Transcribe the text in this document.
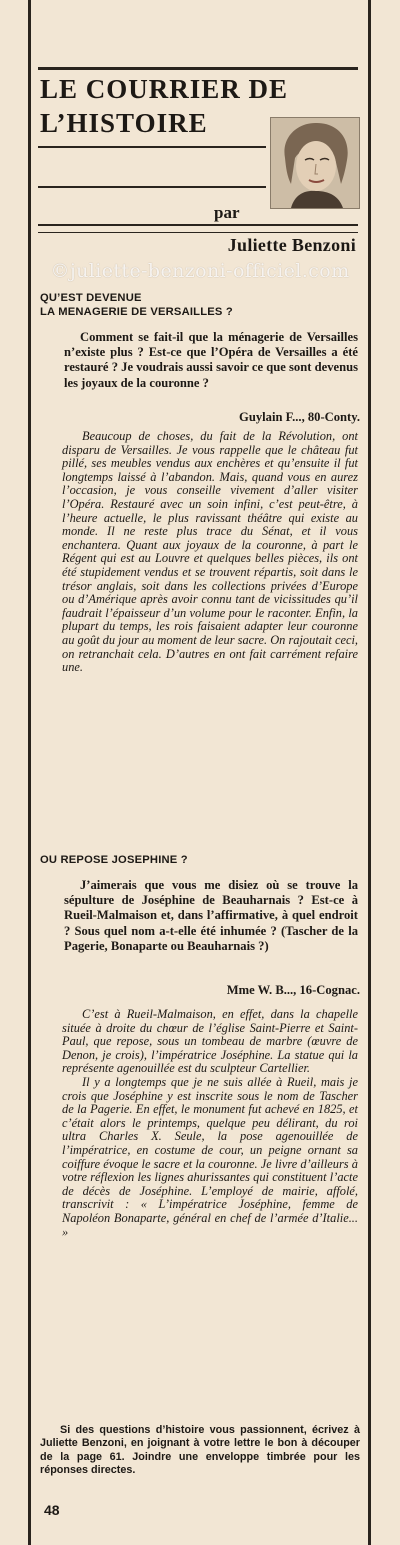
LE COURRIER DE
L’HISTOIRE
par
Juliette Benzoni
©juliette-benzoni-officiel.com
QU’EST DEVENUE
LA MENAGERIE DE VERSAILLES ?
Comment se fait-il que la ménagerie de Versailles n’existe plus ? Est-ce que l’Opéra de Versailles a été restauré ? Je voudrais aussi savoir ce que sont devenus les joyaux de la couronne ?
Guylain F..., 80-Conty.

Beaucoup de choses, du fait de la Révolution, ont disparu de Versailles. Je vous rappelle que le château fut pillé, ses meubles vendus aux enchères et qu’ensuite il fut longtemps laissé à l’abandon. Mais, quand vous en aurez l’occasion, je vous conseille vivement d’aller visiter l’Opéra. Restauré avec un soin infini, c’est peut-être, à l’heure actuelle, le plus ravissant théâtre qui existe au monde. Il ne reste plus trace du Sénat, et il vous enchantera. Quant aux joyaux de la couronne, à part le Régent qui est au Louvre et quelques belles pièces, ils ont été stupidement vendus et se trouvent répartis, soit dans le trésor anglais, soit dans les collections privées d’Europe ou d’Amérique après avoir connu tant de vicissitudes qu’il faudrait l’épaisseur d’un volume pour le raconter. Enfin, la plupart du temps, les rois faisaient adapter leur couronne au goût du jour au moment de leur sacre. On rajoutait ceci, on retranchait cela. D’autres en ont fait carrément refaire une.

OU REPOSE JOSEPHINE ?
J’aimerais que vous me disiez où se trouve la sépulture de Joséphine de Beauharnais ? Est-ce à Rueil-Malmaison et, dans l’affirmative, à quel endroit ? Sous quel nom a-t-elle été inhumée ? (Tascher de la Pagerie, Bonaparte ou Beauharnais ?)
Mme W. B..., 16-Cognac.

C’est à Rueil-Malmaison, en effet, dans la chapelle située à droite du chœur de l’église Saint-Pierre et Saint-Paul, que repose, sous un tombeau de marbre (œuvre de Denon, je crois), l’impératrice Joséphine. La statue qui la représente agenouillée est du sculpteur Cartellier.

Il y a longtemps que je ne suis allée à Rueil, mais je crois que Joséphine y est inscrite sous le nom de Tascher de la Pagerie. En effet, le monument fut achevé en 1825, et c’était alors le printemps, quelque peu délirant, du roi ultra Charles X. Seule, la pose agenouillée de l’impératrice, en costume de cour, un peigne ornant sa coiffure évoque le sacre et la couronne. Je livre d’ailleurs à votre réflexion les lignes ahurissantes qui constituent l’acte de décès de Joséphine. L’employé de mairie, affolé, transcrivit : « L’impératrice Joséphine, femme de Napoléon Bonaparte, général en chef de l’armée d’Italie... »

Si des questions d’histoire vous passionnent, écrivez à Juliette Benzoni, en joignant à votre lettre le bon à découper de la page 61. Joindre une enveloppe timbrée pour les réponses directes.
48
